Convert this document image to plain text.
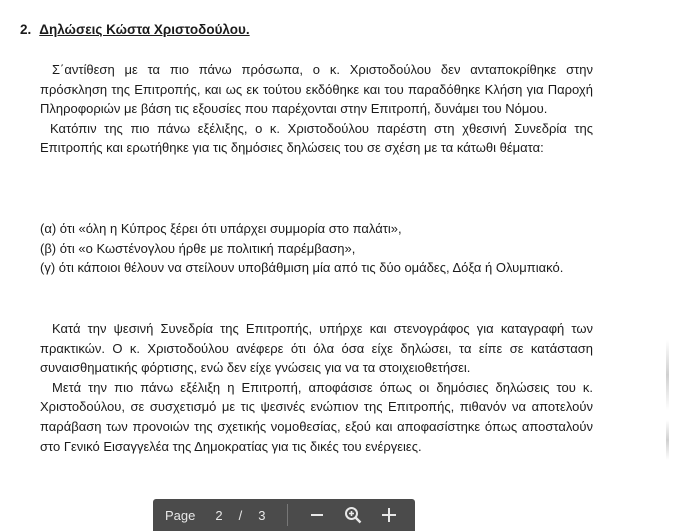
2. Δηλώσεις Κώστα Χριστοδούλου.

Σ΄αντίθεση με τα πιο πάνω πρόσωπα, ο κ. Χριστοδούλου δεν ανταποκρίθηκε στην πρόσκληση της Επιτροπής, και ως εκ τούτου εκδόθηκε και του παραδόθηκε Κλήση για Παροχή Πληροφοριών με βάση τις εξουσίες που παρέχονται στην Επιτροπή, δυνάμει του Νόμου.

Κατόπιν της πιο πάνω εξέλιξης, ο κ. Χριστοδούλου παρέστη στη χθεσινή Συνεδρία της Επιτροπής και ερωτήθηκε για τις δημόσιες δηλώσεις του σε σχέση με τα κάτωθι θέματα:

(α) ότι «όλη η Κύπρος ξέρει ότι υπάρχει συμμορία στο παλάτι»,

(β) ότι «ο Κωστένογλου ήρθε με πολιτική παρέμβαση»,

(γ) ότι κάποιοι θέλουν να στείλουν υποβάθμιση μία από τις δύο ομάδες, Δόξα ή Ολυμπιακό.

Κατά την ψεσινή Συνεδρία της Επιτροπής, υπήρχε και στενογράφος για καταγραφή των πρακτικών. Ο κ. Χριστοδούλου ανέφερε ότι όλα όσα είχε δηλώσει, τα είπε σε κατάσταση συναισθηματικής φόρτισης, ενώ δεν είχε γνώσεις για να τα στοιχειοθετήσει.

Μετά την πιο πάνω εξέλιξη η Επιτροπή, αποφάσισε όπως οι δημόσιες δηλώσεις του κ. Χριστοδούλου, σε συσχετισμό με τις ψεσινές ενώπιον της Επιτροπής, πιθανόν να αποτελούν παράβαση των προνοιών της σχετικής νομοθεσίας, εξού και αποφασίστηκε όπως αποσταλούν στο Γενικό Εισαγγελέα της Δημοκρατίας για τις δικές του ενέργειες.

Page 2 / 3
